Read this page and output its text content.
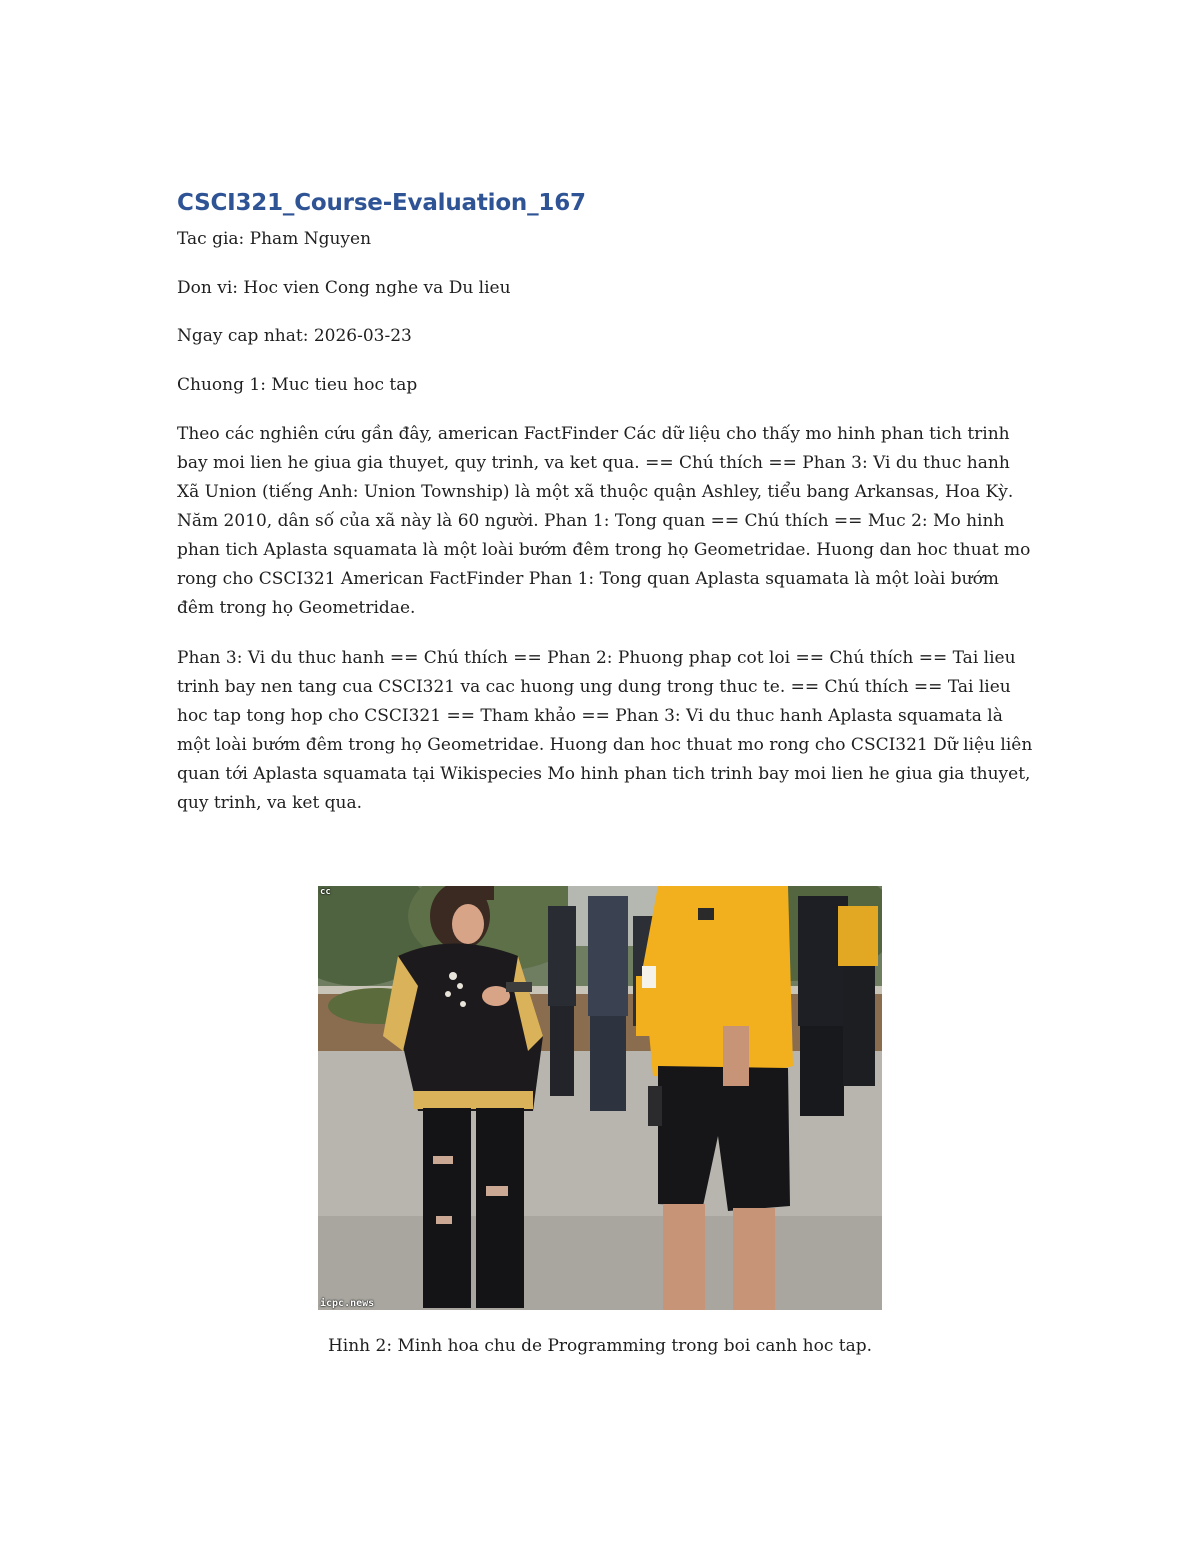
CSCI321_Course-Evaluation_167
Tac gia: Pham Nguyen
Don vi: Hoc vien Cong nghe va Du lieu
Ngay cap nhat: 2026-03-23
Chuong 1: Muc tieu hoc tap
Theo các nghiên cứu gần đây, american FactFinder Các dữ liệu cho thấy mo hinh phan tich trinh bay moi lien he giua gia thuyet, quy trinh, va ket qua. == Chú thích == Phan 3: Vi du thuc hanh Xã Union (tiếng Anh: Union Township) là một xã thuộc quận Ashley, tiểu bang Arkansas, Hoa Kỳ. Năm 2010, dân số của xã này là 60 người. Phan 1: Tong quan == Chú thích == Muc 2: Mo hinh phan tich Aplasta squamata là một loài bướm đêm trong họ Geometridae. Huong dan hoc thuat mo rong cho CSCI321 American FactFinder Phan 1: Tong quan Aplasta squamata là một loài bướm đêm trong họ Geometridae.
Phan 3: Vi du thuc hanh == Chú thích == Phan 2: Phuong phap cot loi == Chú thích == Tai lieu trinh bay nen tang cua CSCI321 va cac huong ung dung trong thuc te. == Chú thích == Tai lieu hoc tap tong hop cho CSCI321 == Tham khảo == Phan 3: Vi du thuc hanh Aplasta squamata là một loài bướm đêm trong họ Geometridae. Huong dan hoc thuat mo rong cho CSCI321 Dữ liệu liên quan tới Aplasta squamata tại Wikispecies Mo hinh phan tich trinh bay moi lien he giua gia thuyet, quy trinh, va ket qua.
cc
icpc.news
Hinh 2: Minh hoa chu de Programming trong boi canh hoc tap.
